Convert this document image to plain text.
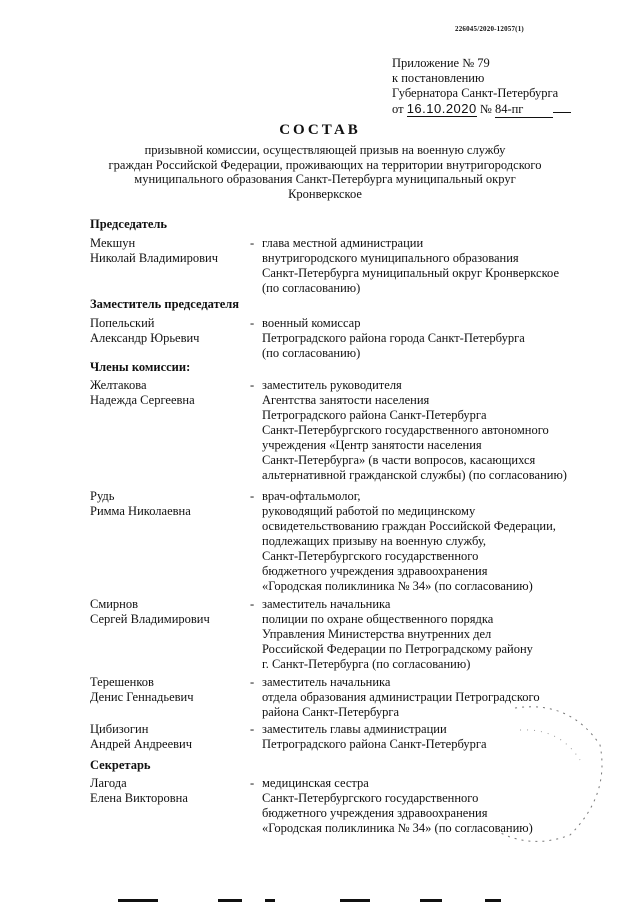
226045/2020-12057(1)
Приложение № 79
к постановлению
Губернатора Санкт-Петербурга
от 16.10.2020 № 84-пг
СОСТАВ
призывной комиссии, осуществляющей призыв на военную службу
граждан Российской Федерации, проживающих на территории внутригородского
муниципального образования Санкт-Петербурга муниципальный округ
Кронверкское
Председатель
Мекшун
Николай Владимирович
- глава местной администрации
внутригородского муниципального образования
Санкт-Петербурга муниципальный округ Кронверкское
(по согласованию)
Заместитель председателя
Попельский
Александр Юрьевич
- военный комиссар
Петроградского района города Санкт-Петербурга
(по согласованию)
Члены комиссии:
Желтакова
Надежда Сергеевна
- заместитель руководителя
Агентства занятости населения
Петроградского района Санкт-Петербурга
Санкт-Петербургского государственного автономного
учреждения «Центр занятости населения
Санкт-Петербурга» (в части вопросов, касающихся
альтернативной гражданской службы) (по согласованию)
Рудь
Римма Николаевна
- врач-офтальмолог,
руководящий работой по медицинскому
освидетельствованию граждан Российской Федерации,
подлежащих призыву на военную службу,
Санкт-Петербургского государственного
бюджетного учреждения здравоохранения
«Городская поликлиника № 34» (по согласованию)
Смирнов
Сергей Владимирович
- заместитель начальника
полиции по охране общественного порядка
Управления Министерства внутренних дел
Российской Федерации по Петроградскому району
г. Санкт-Петербурга (по согласованию)
Терешенков
Денис Геннадьевич
- заместитель начальника
отдела образования администрации Петроградского
района Санкт-Петербурга
Цибизогин
Андрей Андреевич
- заместитель главы администрации
Петроградского района Санкт-Петербурга
Секретарь
Лагода
Елена Викторовна
- медицинская сестра
Санкт-Петербургского государственного
бюджетного учреждения здравоохранения
«Городская поликлиника № 34» (по согласованию)
